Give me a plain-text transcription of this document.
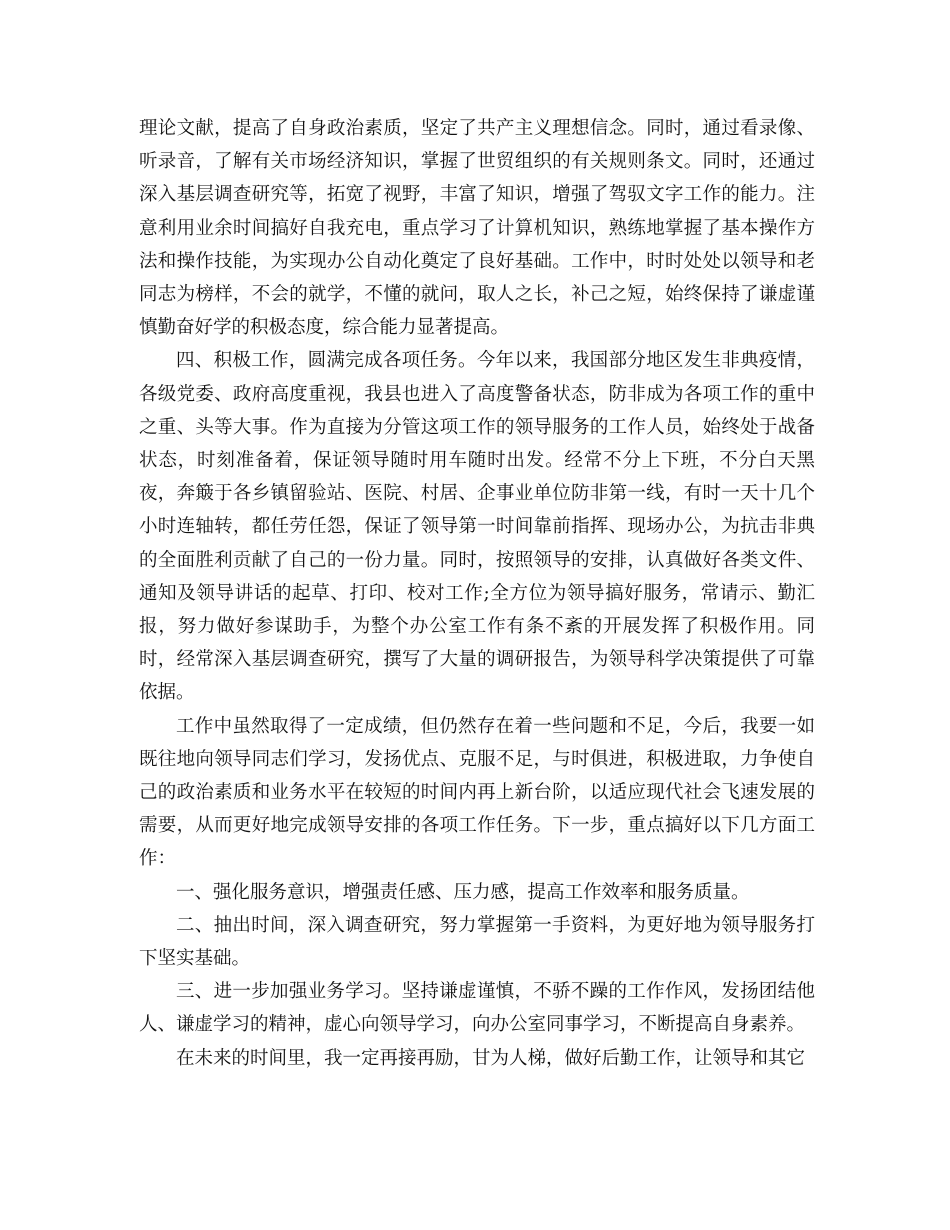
理论文献，提高了自身政治素质，坚定了共产主义理想信念。同时，通过看录像、听录音，了解有关市场经济知识，掌握了世贸组织的有关规则条文。同时，还通过深入基层调查研究等，拓宽了视野，丰富了知识，增强了驾驭文字工作的能力。注意利用业余时间搞好自我充电，重点学习了计算机知识，熟练地掌握了基本操作方法和操作技能，为实现办公自动化奠定了良好基础。工作中，时时处处以领导和老同志为榜样，不会的就学，不懂的就问，取人之长，补己之短，始终保持了谦虚谨慎勤奋好学的积极态度，综合能力显著提高。

四、积极工作，圆满完成各项任务。今年以来，我国部分地区发生非典疫情，各级党委、政府高度重视，我县也进入了高度警备状态，防非成为各项工作的重中之重、头等大事。作为直接为分管这项工作的领导服务的工作人员，始终处于战备状态，时刻准备着，保证领导随时用车随时出发。经常不分上下班，不分白天黑夜，奔簸于各乡镇留验站、医院、村居、企事业单位防非第一线，有时一天十几个小时连轴转，都任劳任怨，保证了领导第一时间靠前指挥、现场办公，为抗击非典的全面胜利贡献了自己的一份力量。同时，按照领导的安排，认真做好各类文件、通知及领导讲话的起草、打印、校对工作;全方位为领导搞好服务，常请示、勤汇报，努力做好参谋助手，为整个办公室工作有条不紊的开展发挥了积极作用。同时，经常深入基层调查研究，撰写了大量的调研报告，为领导科学决策提供了可靠依据。

工作中虽然取得了一定成绩，但仍然存在着一些问题和不足，今后，我要一如既往地向领导同志们学习，发扬优点、克服不足，与时俱进，积极进取，力争使自己的政治素质和业务水平在较短的时间内再上新台阶，以适应现代社会飞速发展的需要，从而更好地完成领导安排的各项工作任务。下一步，重点搞好以下几方面工作：

一、强化服务意识，增强责任感、压力感，提高工作效率和服务质量。

二、抽出时间，深入调查研究，努力掌握第一手资料，为更好地为领导服务打下坚实基础。

三、进一步加强业务学习。坚持谦虚谨慎，不骄不躁的工作作风，发扬团结他人、谦虚学习的精神，虚心向领导学习，向办公室同事学习，不断提高自身素养。

在未来的时间里，我一定再接再励，甘为人梯，做好后勤工作，让领导和其它
